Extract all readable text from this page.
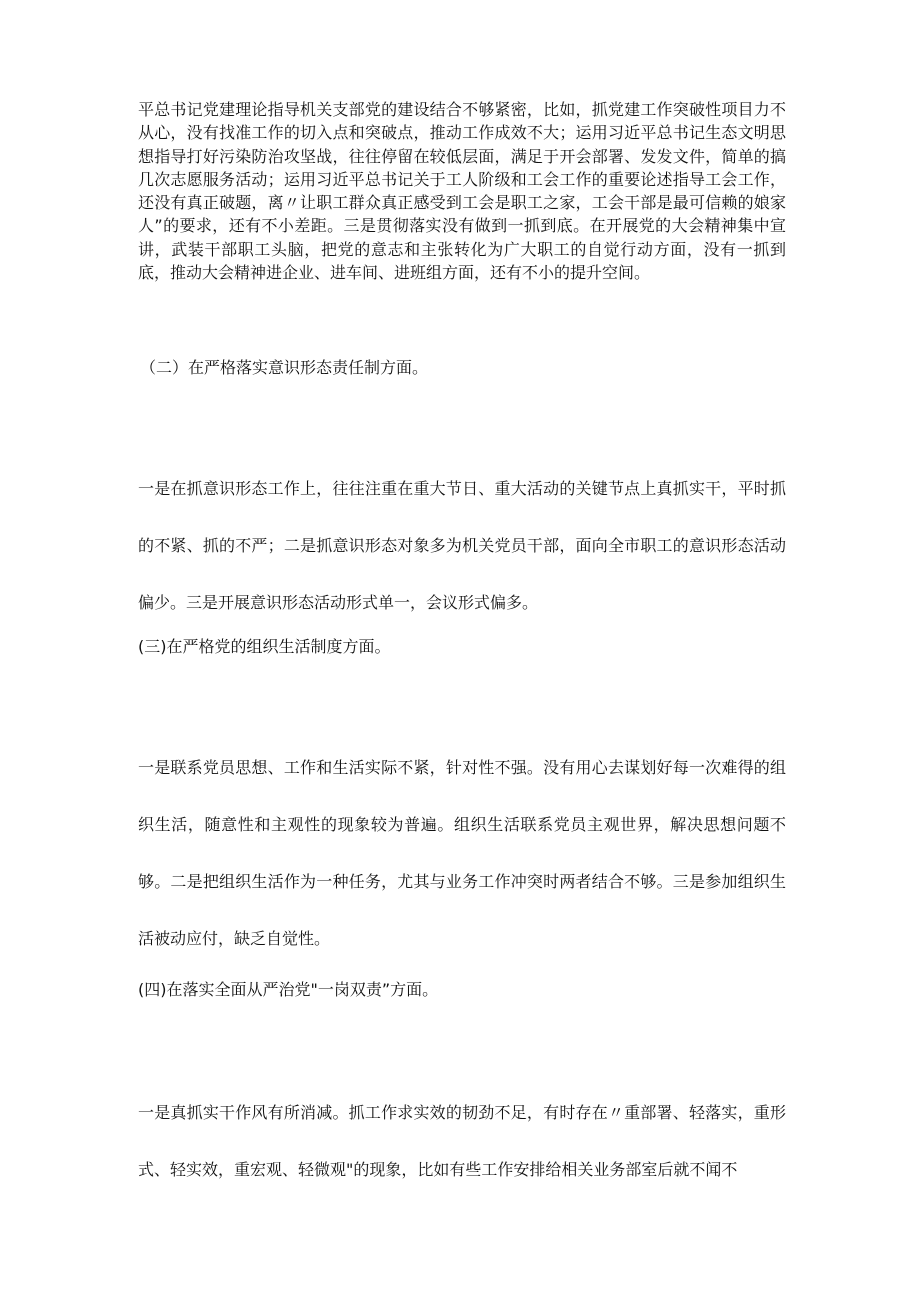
平总书记党建理论指导机关支部党的建设结合不够紧密，比如，抓党建工作突破性项目力不从心，没有找准工作的切入点和突破点，推动工作成效不大；运用习近平总书记生态文明思想指导打好污染防治攻坚战，往往停留在较低层面，满足于开会部署、发发文件，简单的搞几次志愿服务活动；运用习近平总书记关于工人阶级和工会工作的重要论述指导工会工作，还没有真正破题，离〃让职工群众真正感受到工会是职工之家，工会干部是最可信赖的娘家人”的要求，还有不小差距。三是贯彻落实没有做到一抓到底。在开展党的大会精神集中宣讲，武装干部职工头脑，把党的意志和主张转化为广大职工的自觉行动方面，没有一抓到底，推动大会精神进企业、进车间、进班组方面，还有不小的提升空间。

（二）在严格落实意识形态责任制方面。

一是在抓意识形态工作上，往往注重在重大节日、重大活动的关键节点上真抓实干，平时抓的不紧、抓的不严；二是抓意识形态对象多为机关党员干部，面向全市职工的意识形态活动偏少。三是开展意识形态活动形式单一，会议形式偏多。

(三)在严格党的组织生活制度方面。

一是联系党员思想、工作和生活实际不紧，针对性不强。没有用心去谋划好每一次难得的组织生活，随意性和主观性的现象较为普遍。组织生活联系党员主观世界，解决思想问题不够。二是把组织生活作为一种任务，尤其与业务工作冲突时两者结合不够。三是参加组织生活被动应付，缺乏自觉性。

(四)在落实全面从严治党"一岗双责”方面。

一是真抓实干作风有所消减。抓工作求实效的韧劲不足，有时存在〃重部署、轻落实，重形式、轻实效，重宏观、轻微观"的现象，比如有些工作安排给相关业务部室后就不闻不
